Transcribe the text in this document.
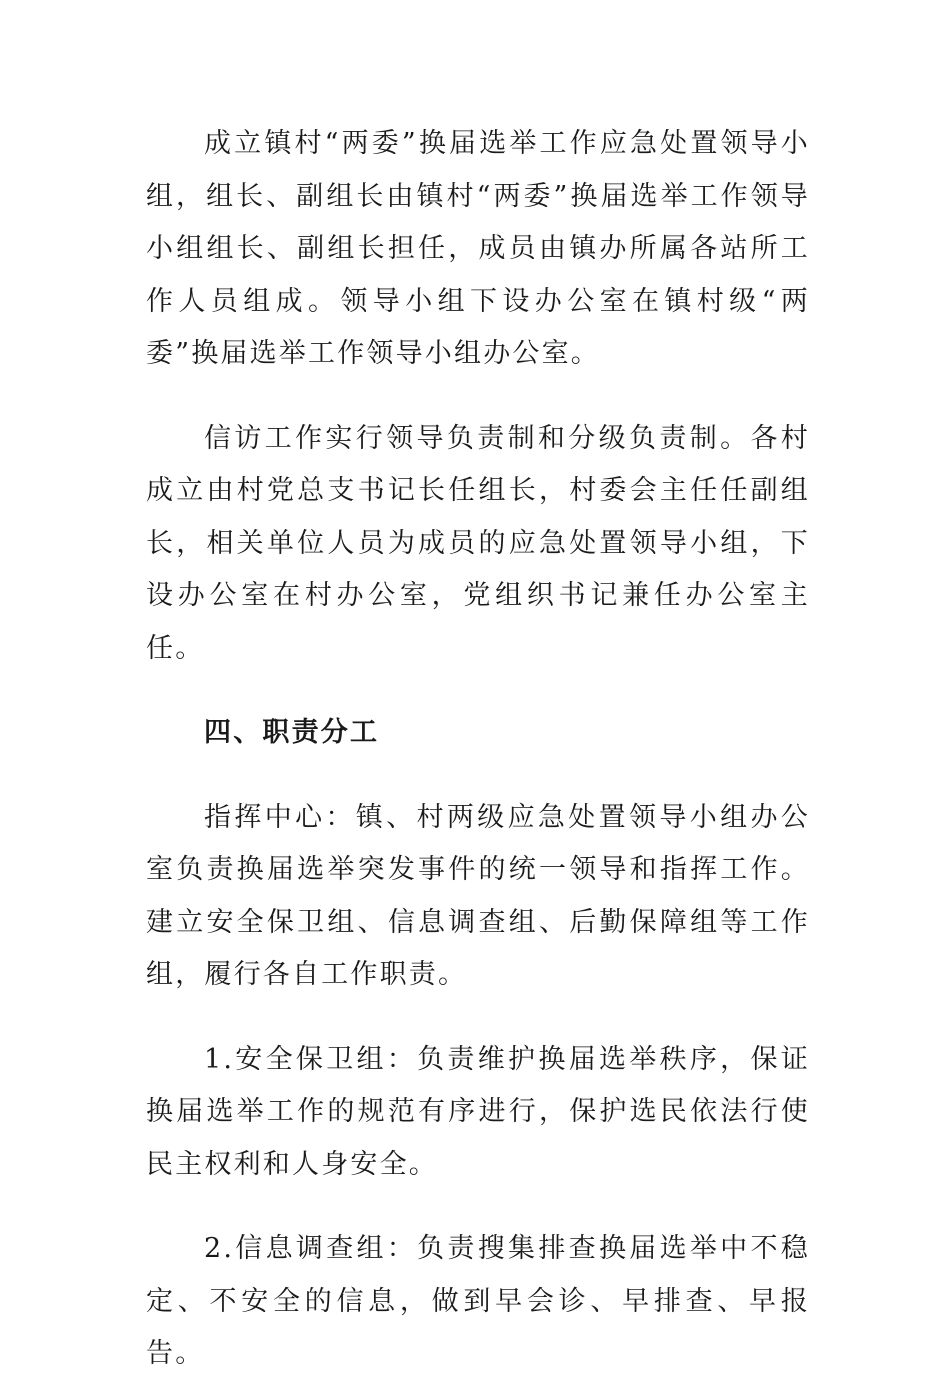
成立镇村“两委”换届选举工作应急处置领导小组，组长、副组长由镇村“两委”换届选举工作领导小组组长、副组长担任，成员由镇办所属各站所工作人员组成。领导小组下设办公室在镇村级“两委”换届选举工作领导小组办公室。

信访工作实行领导负责制和分级负责制。各村成立由村党总支书记长任组长，村委会主任任副组长，相关单位人员为成员的应急处置领导小组，下设办公室在村办公室，党组织书记兼任办公室主任。

四、职责分工

指挥中心：镇、村两级应急处置领导小组办公室负责换届选举突发事件的统一领导和指挥工作。建立安全保卫组、信息调查组、后勤保障组等工作组，履行各自工作职责。

1.安全保卫组：负责维护换届选举秩序，保证换届选举工作的规范有序进行，保护选民依法行使民主权利和人身安全。

2.信息调查组：负责搜集排查换届选举中不稳定、不安全的信息，做到早会诊、早排查、早报告。
